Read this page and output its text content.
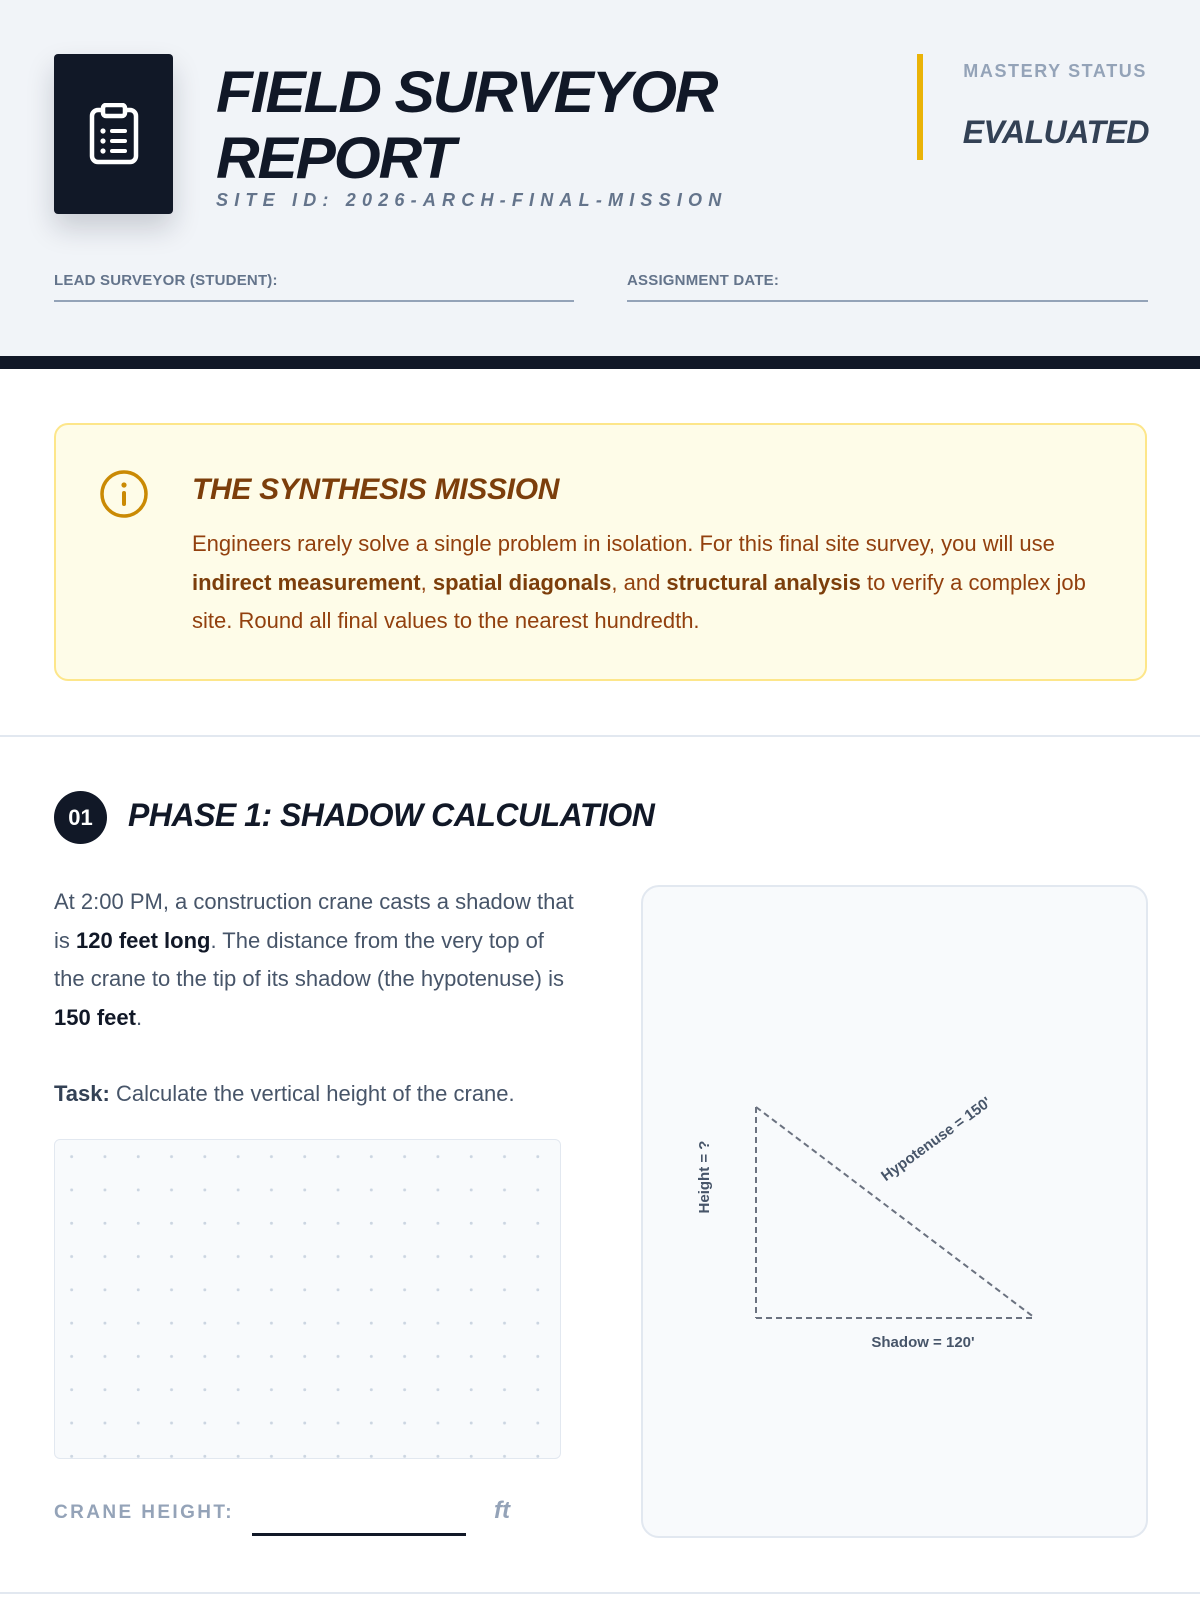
FIELD SURVEYOR REPORT
SITE ID: 2026-ARCH-FINAL-MISSION
MASTERY STATUS
EVALUATED
LEAD SURVEYOR (STUDENT):	ASSIGNMENT DATE:
THE SYNTHESIS MISSION
Engineers rarely solve a single problem in isolation. For this final site survey, you will use indirect measurement, spatial diagonals, and structural analysis to verify a complex job site. Round all final values to the nearest hundredth.
01	PHASE 1: SHADOW CALCULATION
At 2:00 PM, a construction crane casts a shadow that is 120 feet long. The distance from the very top of the crane to the tip of its shadow (the hypotenuse) is 150 feet.
Task: Calculate the vertical height of the crane.
CRANE HEIGHT:	ft
Height = ?	Hypotenuse = 150'
Shadow = 120'
